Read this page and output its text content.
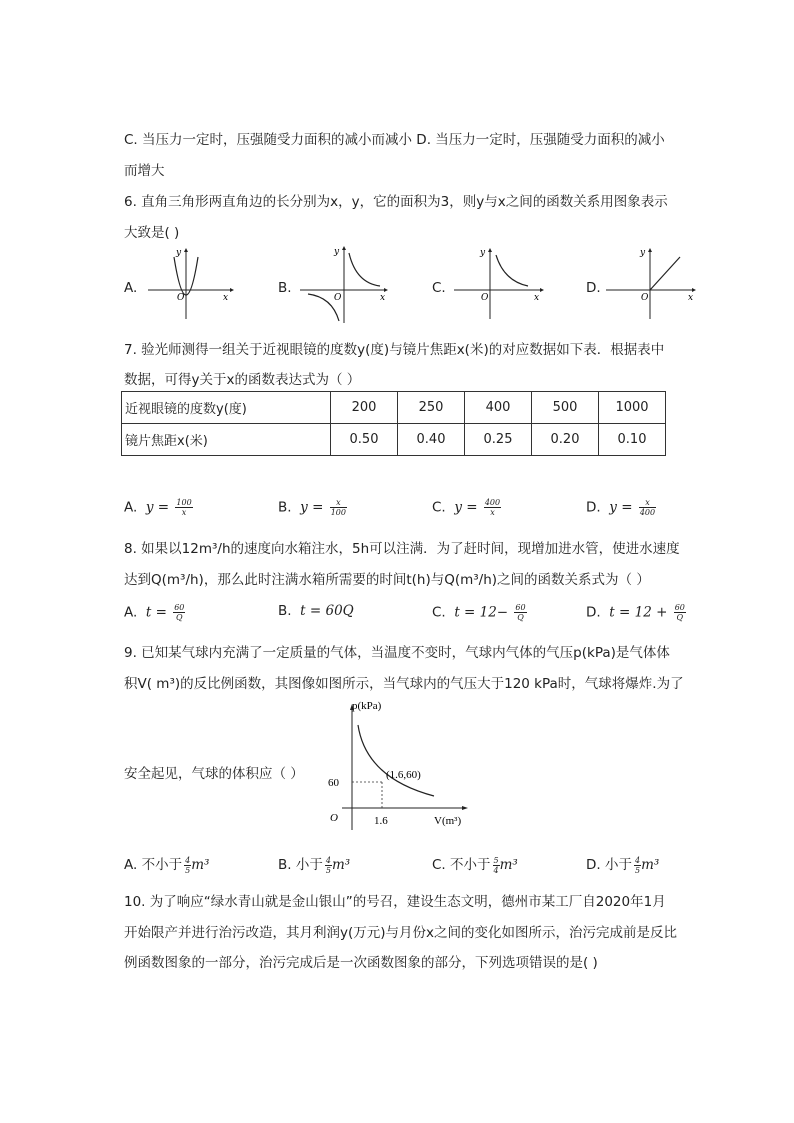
C. 当压力一定时，压强随受力面积的减小而减小 D. 当压力一定时，压强随受力面积的减小
而增大
6. 直角三角形两直角边的长分别为x，y，它的面积为3，则y与x之间的函数关系用图象表示
大致是( )
A.
y
x
O
B.
y
x
O
C.
y
x
O
D.
y
x
O
7. 验光师测得一组关于近视眼镜的度数y(度)与镜片焦距x(米)的对应数据如下表．根据表中
数据，可得y关于x的函数表达式为（ ）
近视眼镜的度数y(度)	200	250	400	500	1000
镜片焦距x(米)	0.50	0.40	0.25	0.20	0.10
A. $y = \frac{100}{x}$	B. $y = \frac{x}{100}$	C. $y = \frac{400}{x}$	D. $y = \frac{x}{400}$
8. 如果以12m³/h的速度向水箱注水，5h可以注满．为了赶时间，现增加进水管，使进水速度
达到Q(m³/h)，那么此时注满水箱所需要的时间t(h)与Q(m³/h)之间的函数关系式为（ ）
A. $t = \frac{60}{Q}$	B. t = 60Q	C. $t = 12- \frac{60}{Q}$	D. $t = 12 + \frac{60}{Q}$
9. 已知某气球内充满了一定质量的气体，当温度不变时，气球内气体的气压p(kPa)是气体体
积V( m³)的反比例函数，其图像如图所示，当气球内的气压大于120 kPa时，气球将爆炸.为了
安全起见，气球的体积应（ ）
p(kPa)
V(m³)
(1.6,60)
60
1.6
O
A. 不小于 $\frac{4}{5} m^3$	B. 小于 $\frac{4}{5} m^3$	C. 不小于 $\frac{5}{4} m^3$	D. 小于 $\frac{4}{5} m^3$
10. 为了响应“绿水青山就是金山银山”的号召，建设生态文明，德州市某工厂自2020年1月
开始限产并进行治污改造，其月利润y(万元)与月份x之间的变化如图所示，治污完成前是反比
例函数图象的一部分，治污完成后是一次函数图象的部分，下列选项错误的是( )
